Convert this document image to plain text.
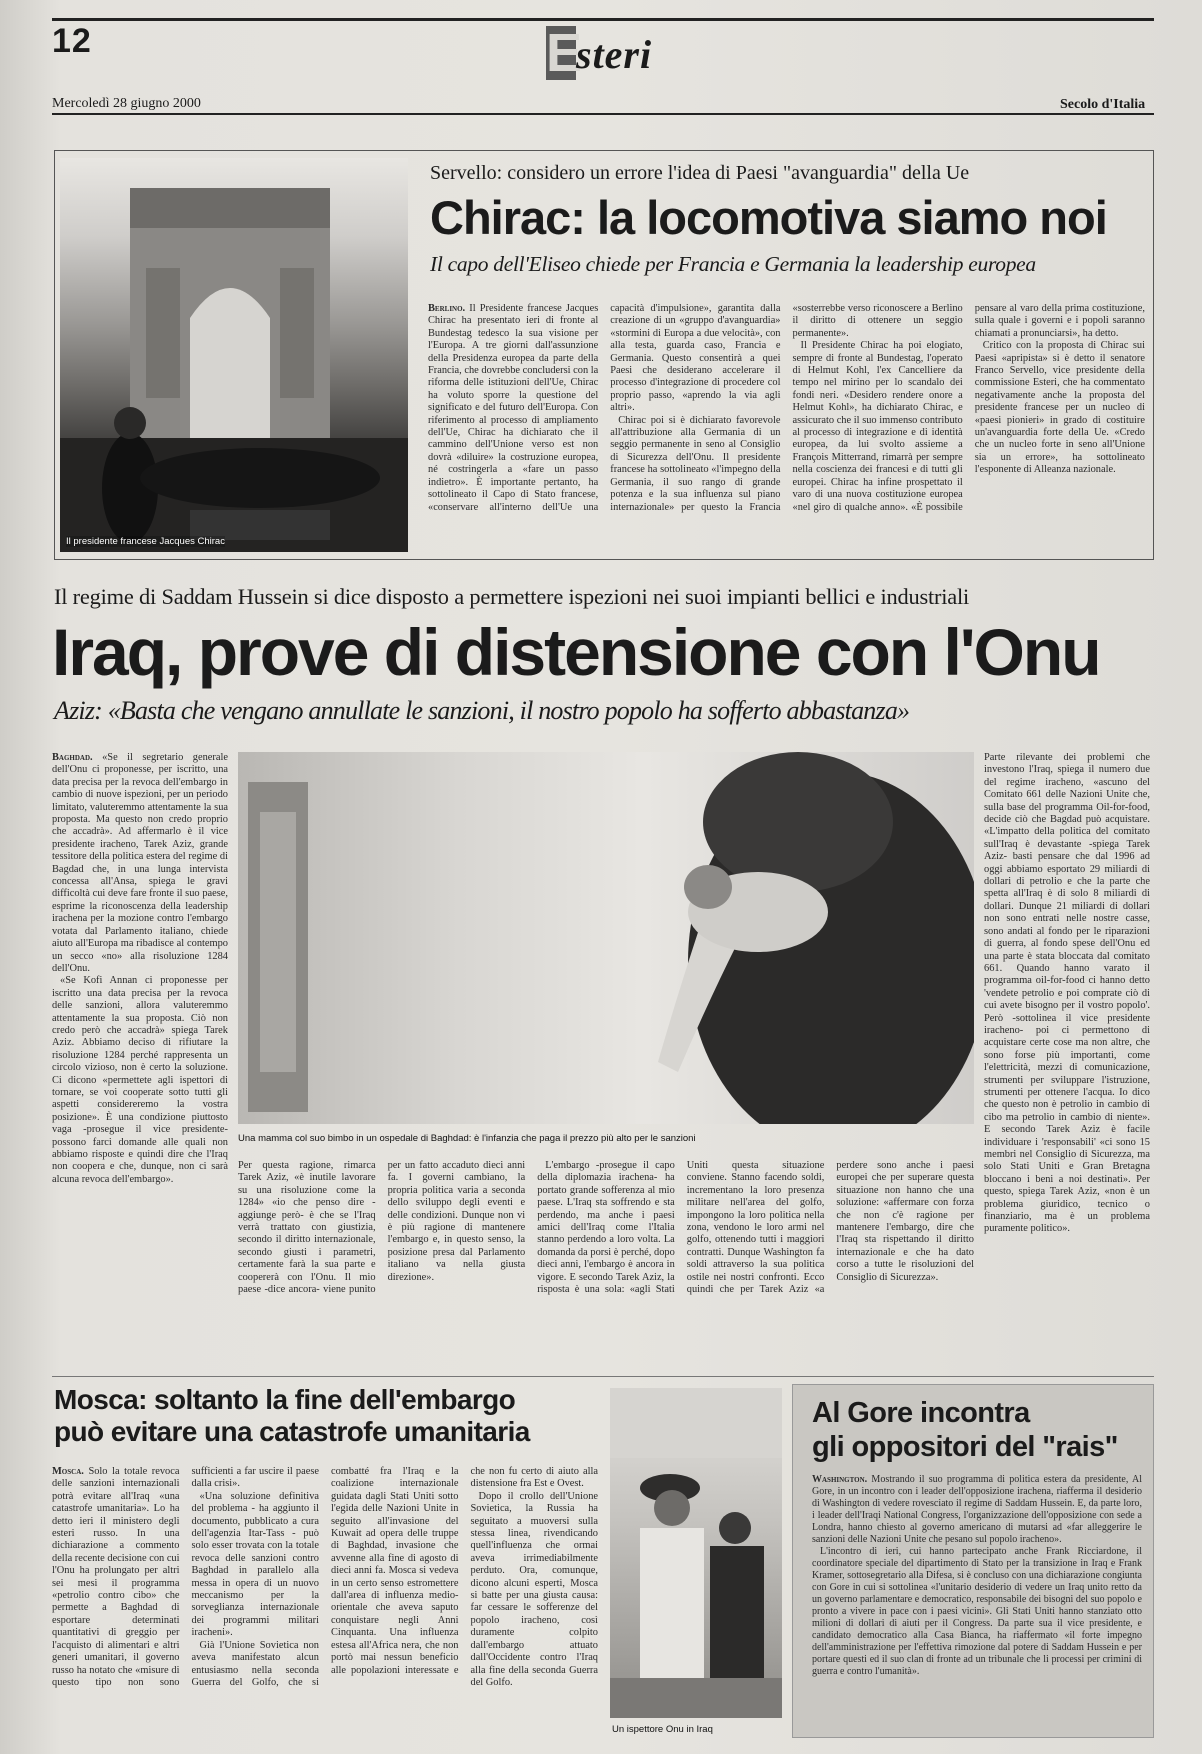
12	Esteri
Mercoledì 28 giugno 2000	Secolo d'Italia
Il presidente francese Jacques Chirac
Servello: considero un errore l'idea di Paesi "avanguardia" della Ue
Chirac: la locomotiva siamo noi
Il capo dell'Eliseo chiede per Francia e Germania la leadership europea

Berlino. Il Presidente francese Jacques Chirac ha presentato ieri di fronte al Bundestag tedesco la sua visione per l'Europa. A tre giorni dall'assunzione della Presidenza europea da parte della Francia, che dovrebbe concludersi con la riforma delle istituzioni dell'Ue, Chirac ha voluto sporre la questione del significato e del futuro dell'Europa. Con riferimento al processo di ampliamento dell'Ue, Chirac ha dichiarato che il cammino dell'Unione verso est non dovrà «diluire» la costruzione europea, né costringerla a «fare un passo indietro». È importante pertanto, ha sottolineato il Capo di Stato francese, «conservare all'interno dell'Ue una capacità d'impulsione», garantita dalla creazione di un «gruppo d'avanguardia» «stormini di Europa a due velocità», con alla testa, guarda caso, Francia e Germania. Questo consentirà a quei Paesi che desiderano accelerare il processo d'integrazione di procedere col proprio passo, «aprendo la via agli altri».

Chirac poi si è dichiarato favorevole all'attribuzione alla Germania di un seggio permanente in seno al Consiglio di Sicurezza dell'Onu. Il presidente francese ha sottolineato «l'impegno della Germania, il suo rango di grande potenza e la sua influenza sul piano internazionale» per questo la Francia «sosterrebbe verso riconoscere a Berlino il diritto di ottenere un seggio permanente».

Il Presidente Chirac ha poi elogiato, sempre di fronte al Bundestag, l'operato di Helmut Kohl, l'ex Cancelliere da tempo nel mirino per lo scandalo dei fondi neri. «Desidero rendere onore a Helmut Kohl», ha dichiarato Chirac, e assicurato che il suo immenso contributo al processo di integrazione e di identità europea, da lui svolto assieme a François Mitterrand, rimarrà per sempre nella coscienza dei francesi e di tutti gli europei. Chirac ha infine prospettato il varo di una nuova costituzione europea «nel giro di qualche anno». «È possibile pensare al varo della prima costituzione, sulla quale i governi e i popoli saranno chiamati a pronunciarsi», ha detto.

Critico con la proposta di Chirac sui Paesi «apripista» si è detto il senatore Franco Servello, vice presidente della commissione Esteri, che ha commentato negativamente anche la proposta del presidente francese per un nucleo di «paesi pionieri» in grado di costituire un'avanguardia forte della Ue. «Credo che un nucleo forte in seno all'Unione sia un errore», ha sottolineato l'esponente di Alleanza nazionale.

Il regime di Saddam Hussein si dice disposto a permettere ispezioni nei suoi impianti bellici e industriali
Iraq, prove di distensione con l'Onu
Aziz: «Basta che vengano annullate le sanzioni, il nostro popolo ha sofferto abbastanza»
Una mamma col suo bimbo in un ospedale di Baghdad: è l'infanzia che paga il prezzo più alto per le sanzioni

Baghdad. «Se il segretario generale dell'Onu ci proponesse, per iscritto, una data precisa per la revoca dell'embargo in cambio di nuove ispezioni, per un periodo limitato, valuteremmo attentamente la sua proposta. Ma questo non credo proprio che accadrà». Ad affermarlo è il vice presidente iracheno, Tarek Aziz, grande tessitore della politica estera del regime di Bagdad che, in una lunga intervista concessa all'Ansa, spiega le gravi difficoltà cui deve fare fronte il suo paese, esprime la riconoscenza della leadership irachena per la mozione contro l'embargo votata dal Parlamento italiano, chiede aiuto all'Europa ma ribadisce al contempo un secco «no» alla risoluzione 1284 dell'Onu.

«Se Kofi Annan ci proponesse per iscritto una data precisa per la revoca delle sanzioni, allora valuteremmo attentamente la sua proposta. Ciò non credo però che accadrà» spiega Tarek Aziz. Abbiamo deciso di rifiutare la risoluzione 1284 perché rappresenta un circolo vizioso, non è certo la soluzione. Ci dicono «permettete agli ispettori di tornare, se voi cooperate sotto tutti gli aspetti considereremo la vostra posizione». È una condizione piuttosto vaga -prosegue il vice presidente- possono farci domande alle quali non abbiamo risposte e quindi dire che l'Iraq non coopera e che, dunque, non ci sarà alcuna revoca dell'embargo».

Per questa ragione, rimarca Tarek Aziz, «è inutile lavorare su una risoluzione come la 1284» «io che penso dire -aggiunge però- è che se l'Iraq verrà trattato con giustizia, secondo il diritto internazionale, secondo giusti i parametri, certamente farà la sua parte e coopererà con l'Onu. Il mio paese -dice ancora- viene punito per un fatto accaduto dieci anni fa. I governi cambiano, la propria politica varia a seconda dello sviluppo degli eventi e delle condizioni. Dunque non vi è più ragione di mantenere l'embargo e, in questo senso, la posizione presa dal Parlamento italiano va nella giusta direzione».

L'embargo -prosegue il capo della diplomazia irachena- ha portato grande sofferenza al mio paese. L'Iraq sta soffrendo e sta perdendo, ma anche i paesi amici dell'Iraq come l'Italia stanno perdendo a loro volta. La domanda da porsi è perché, dopo dieci anni, l'embargo è ancora in vigore. E secondo Tarek Aziz, la risposta è una sola: «agli Stati Uniti questa situazione conviene. Stanno facendo soldi, incrementano la loro presenza militare nell'area del golfo, impongono la loro politica nella zona, vendono le loro armi nel golfo, ottenendo tutti i maggiori contratti. Dunque Washington fa soldi attraverso la sua politica ostile nei nostri confronti. Ecco quindi che per Tarek Aziz «a perdere sono anche i paesi europei che per superare questa situazione non hanno che una soluzione: «affermare con forza che non c'è ragione per mantenere l'embargo, dire che l'Iraq sta rispettando il diritto internazionale e che ha dato corso a tutte le risoluzioni del Consiglio di Sicurezza».

Parte rilevante dei problemi che investono l'Iraq, spiega il numero due del regime iracheno, «ascuno del Comitato 661 delle Nazioni Unite che, sulla base del programma Oil-for-food, decide ciò che Bagdad può acquistare. «L'impatto della politica del comitato sull'Iraq è devastante -spiega Tarek Aziz- basti pensare che dal 1996 ad oggi abbiamo esportato 29 miliardi di dollari di petrolio e che la parte che spetta all'Iraq è di solo 8 miliardi di dollari. Dunque 21 miliardi di dollari non sono entrati nelle nostre casse, sono andati al fondo per le riparazioni di guerra, al fondo spese dell'Onu ed una parte è stata bloccata dal comitato 661. Quando hanno varato il programma oil-for-food ci hanno detto 'vendete petrolio e poi comprate ciò di cui avete bisogno per il vostro popolo'. Però -sottolinea il vice presidente iracheno- poi ci permettono di acquistare certe cose ma non altre, che sono forse più importanti, come l'elettricità, mezzi di comunicazione, strumenti per sviluppare l'istruzione, strumenti per ottenere l'acqua. Io dico che questo non è petrolio in cambio di cibo ma petrolio in cambio di niente». E secondo Tarek Aziz è facile individuare i 'responsabili' «ci sono 15 membri nel Consiglio di Sicurezza, ma solo Stati Uniti e Gran Bretagna bloccano i beni a noi destinati». Per questo, spiega Tarek Aziz, «non è un problema giuridico, tecnico o finanziario, ma è un problema puramente politico».

Mosca: soltanto la fine dell'embargo
può evitare una catastrofe umanitaria

Mosca. Solo la totale revoca delle sanzioni internazionali potrà evitare all'Iraq «una catastrofe umanitaria». Lo ha detto ieri il ministero degli esteri russo. In una dichiarazione a commento della recente decisione con cui l'Onu ha prolungato per altri sei mesi il programma «petrolio contro cibo» che permette a Baghdad di esportare determinati quantitativi di greggio per l'acquisto di alimentari e altri generi umanitari, il governo russo ha notato che «misure di questo tipo non sono sufficienti a far uscire il paese dalla crisi».

«Una soluzione definitiva del problema - ha aggiunto il documento, pubblicato a cura dell'agenzia Itar-Tass - può solo esser trovata con la totale revoca delle sanzioni contro Baghdad in parallelo alla messa in opera di un nuovo meccanismo per la sorveglianza internazionale dei programmi militari iracheni».

Già l'Unione Sovietica non aveva manifestato alcun entusiasmo nella seconda Guerra del Golfo, che si combatté fra l'Iraq e la coalizione internazionale guidata dagli Stati Uniti sotto l'egida delle Nazioni Unite in seguito all'invasione del Kuwait ad opera delle truppe di Baghdad, invasione che avvenne alla fine di agosto di dieci anni fa. Mosca si vedeva in un certo senso estromettere dall'area di influenza medio-orientale che aveva saputo conquistare negli Anni Cinquanta. Una influenza estesa all'Africa nera, che non portò mai nessun beneficio alle popolazioni interessate e che non fu certo di aiuto alla distensione fra Est e Ovest.

Dopo il crollo dell'Unione Sovietica, la Russia ha seguitato a muoversi sulla stessa linea, rivendicando quell'influenza che ormai aveva irrimediabilmente perduto. Ora, comunque, dicono alcuni esperti, Mosca si batte per una giusta causa: far cessare le sofferenze del popolo iracheno, così duramente colpito dall'embargo attuato dall'Occidente contro l'Iraq alla fine della seconda Guerra del Golfo.

Un ispettore Onu in Iraq
Al Gore incontra
gli oppositori del "rais"

Washington. Mostrando il suo programma di politica estera da presidente, Al Gore, in un incontro con i leader dell'opposizione irachena, riafferma il desiderio di Washington di vedere rovesciato il regime di Saddam Hussein. E, da parte loro, i leader dell'Iraqi National Congress, l'organizzazione dell'opposizione con sede a Londra, hanno chiesto al governo americano di mutarsi ad «far alleggerire le sanzioni delle Nazioni Unite che pesano sul popolo iracheno».

L'incontro di ieri, cui hanno partecipato anche Frank Ricciardone, il coordinatore speciale del dipartimento di Stato per la transizione in Iraq e Frank Kramer, sottosegretario alla Difesa, si è concluso con una dichiarazione congiunta con Gore in cui si sottolinea «l'unitario desiderio di vedere un Iraq unito retto da un governo parlamentare e democratico, responsabile dei bisogni del suo popolo e pronto a vivere in pace con i paesi vicini». Gli Stati Uniti hanno stanziato otto milioni di dollari di aiuti per il Congress. Da parte sua il vice presidente, e candidato democratico alla Casa Bianca, ha riaffermato «il forte impegno dell'amministrazione per l'effettiva rimozione dal potere di Saddam Hussein e per portare questi ed il suo clan di fronte ad un tribunale che li processi per crimini di guerra e contro l'umanità».
